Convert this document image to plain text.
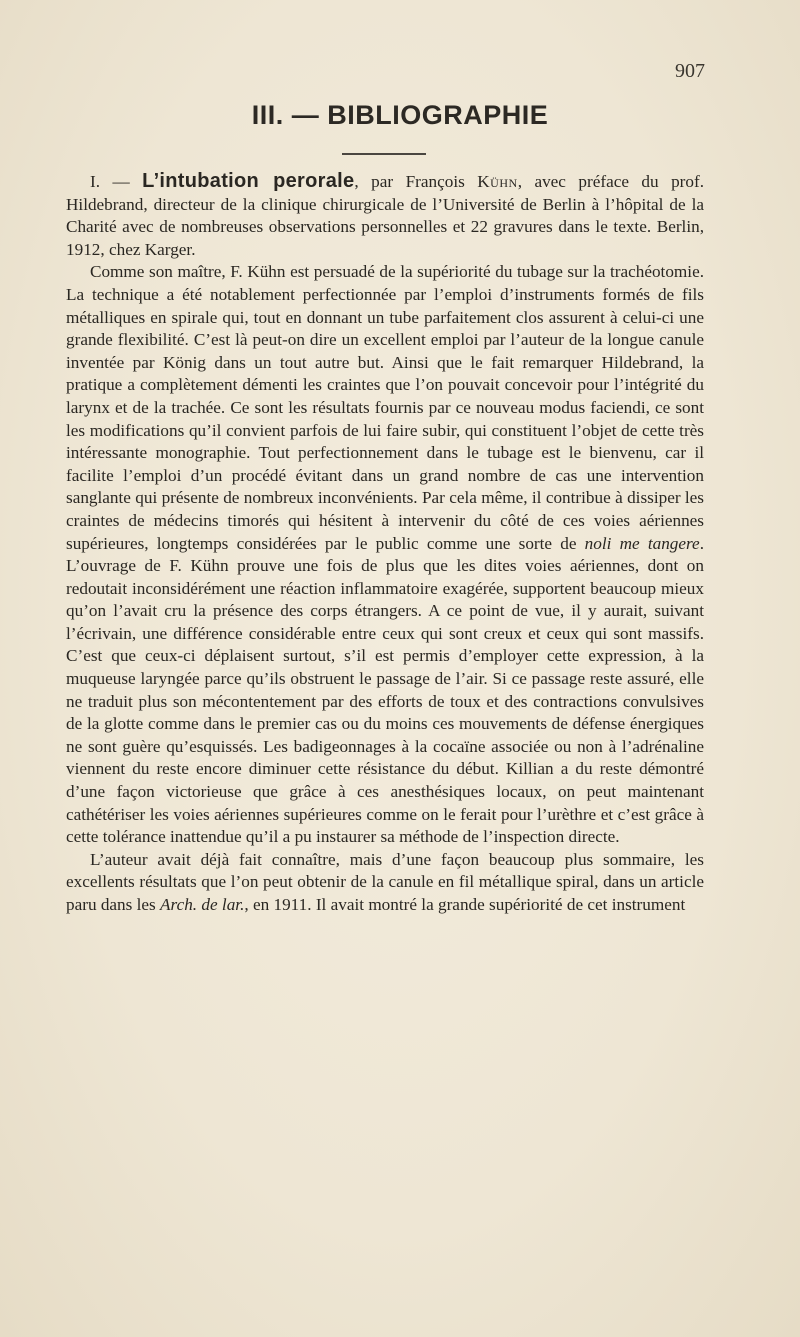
907
III. — BIBLIOGRAPHIE

I. — L’intubation perorale, par François Kühn, avec préface du prof. Hildebrand, directeur de la clinique chirurgicale de l’Université de Berlin à l’hôpital de la Charité avec de nombreuses observations personnelles et 22 gravures dans le texte. Berlin, 1912, chez Karger.

Comme son maître, F. Kühn est persuadé de la supériorité du tubage sur la trachéotomie. La technique a été notablement perfectionnée par l’emploi d’instruments formés de fils métalliques en spirale qui, tout en donnant un tube parfaitement clos assurent à celui-ci une grande flexibilité. C’est là peut-on dire un excellent emploi par l’auteur de la longue canule inventée par König dans un tout autre but. Ainsi que le fait remarquer Hildebrand, la pratique a complètement démenti les craintes que l’on pouvait concevoir pour l’intégrité du larynx et de la trachée. Ce sont les résultats fournis par ce nouveau modus faciendi, ce sont les modifications qu’il convient parfois de lui faire subir, qui constituent l’objet de cette très intéressante monographie. Tout perfectionnement dans le tubage est le bienvenu, car il facilite l’emploi d’un procédé évitant dans un grand nombre de cas une intervention sanglante qui présente de nombreux inconvénients. Par cela même, il contribue à dissiper les craintes de médecins timorés qui hésitent à intervenir du côté de ces voies aériennes supérieures, longtemps considérées par le public comme une sorte de noli me tangere. L’ouvrage de F. Kühn prouve une fois de plus que les dites voies aériennes, dont on redoutait inconsidérément une réaction inflammatoire exagérée, supportent beaucoup mieux qu’on l’avait cru la présence des corps étrangers. A ce point de vue, il y aurait, suivant l’écrivain, une différence considérable entre ceux qui sont creux et ceux qui sont massifs. C’est que ceux-ci déplaisent surtout, s’il est permis d’employer cette expression, à la muqueuse laryngée parce qu’ils obstruent le passage de l’air. Si ce passage reste assuré, elle ne traduit plus son mécontentement par des efforts de toux et des contractions convulsives de la glotte comme dans le premier cas ou du moins ces mouvements de défense énergiques ne sont guère qu’esquissés. Les badigeonnages à la cocaïne associée ou non à l’adrénaline viennent du reste encore diminuer cette résistance du début. Killian a du reste démontré d’une façon victorieuse que grâce à ces anesthésiques locaux, on peut maintenant cathétériser les voies aériennes supérieures comme on le ferait pour l’urèthre et c’est grâce à cette tolérance inattendue qu’il a pu instaurer sa méthode de l’inspection directe.

L’auteur avait déjà fait connaître, mais d’une façon beaucoup plus sommaire, les excellents résultats que l’on peut obtenir de la canule en fil métallique spiral, dans un article paru dans les Arch. de lar., en 1911. Il avait montré la grande supériorité de cet instrument
